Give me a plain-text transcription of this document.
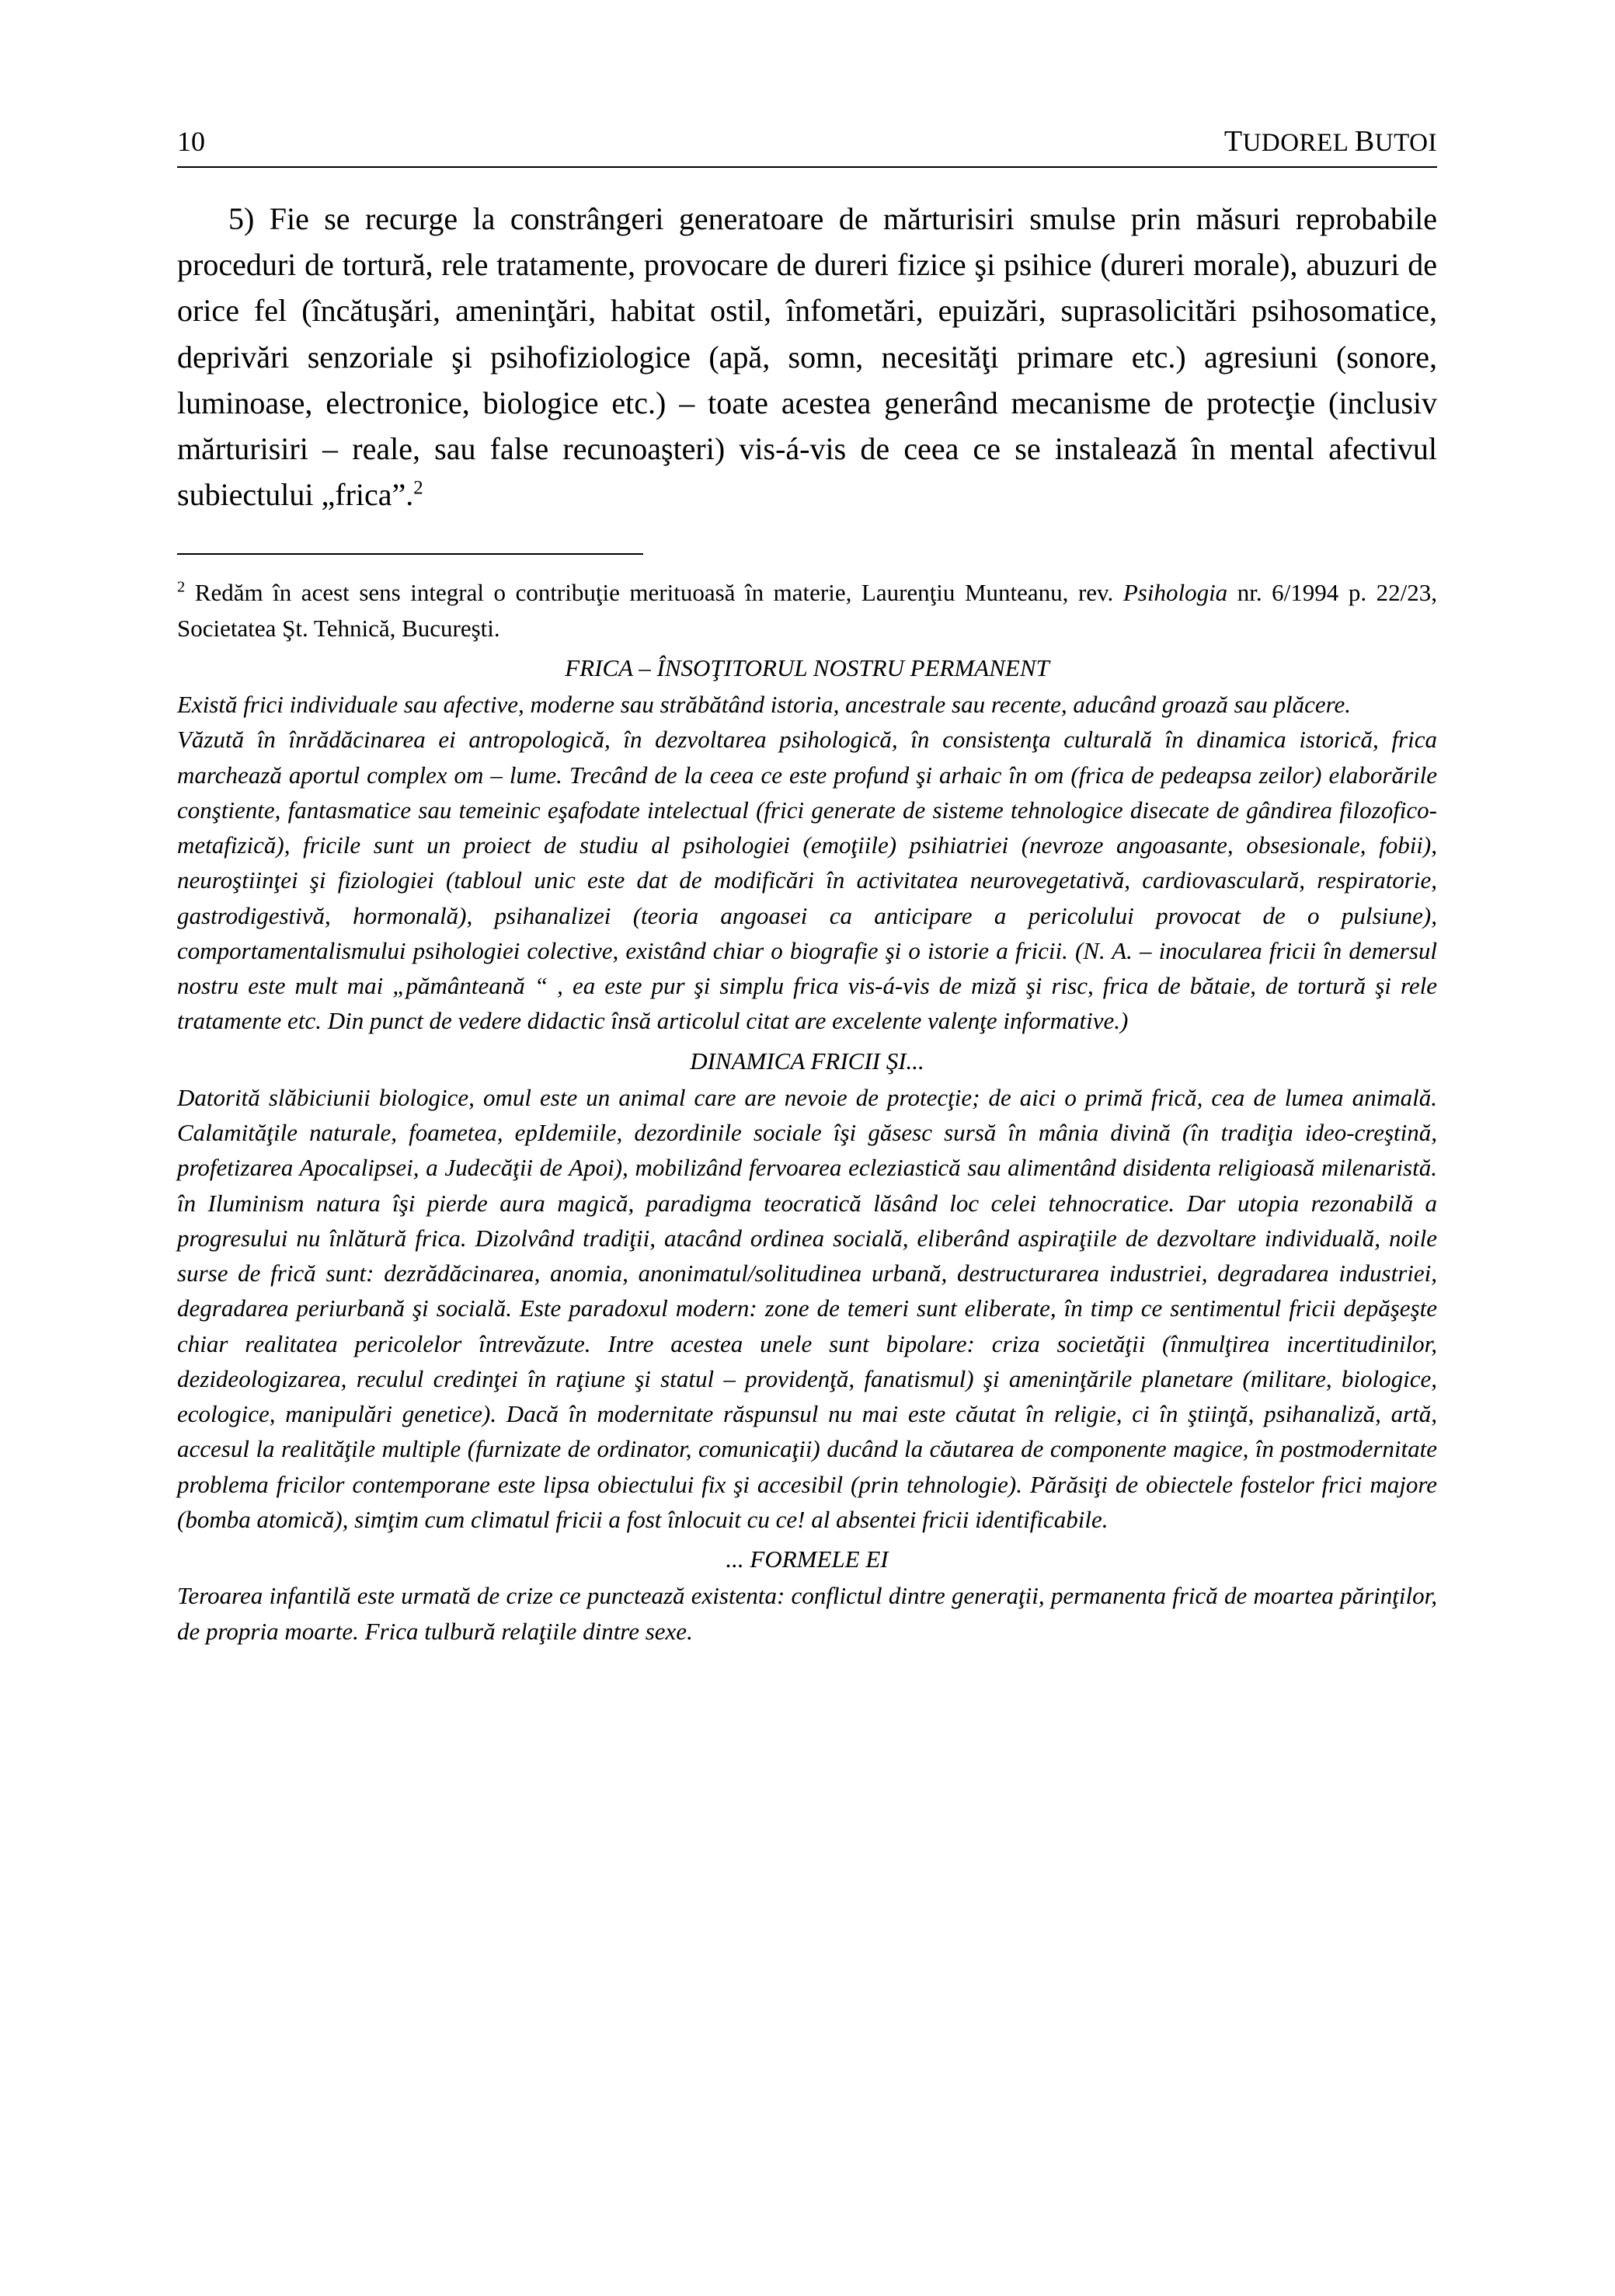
10	TUDOREL BUTOI

5) Fie se recurge la constrângeri generatoare de mărturisiri smulse prin măsuri reprobabile proceduri de tortură, rele tratamente, provocare de dureri fizice şi psihice (dureri morale), abuzuri de orice fel (încătuşări, ameninţări, habitat ostil, înfometări, epuizări, suprasolicitări psihosomatice, deprivări senzoriale şi psihofiziologice (apă, somn, necesităţi primare etc.) agresiuni (sonore, luminoase, electronice, biologice etc.) – toate acestea generând mecanisme de protecţie (inclusiv mărturisiri – reale, sau false recunoaşteri) vis-á-vis de ceea ce se instalează în mental afectivul subiectului „frica”.$^2$

$^2$ Redăm în acest sens integral o contribuţie merituoasă în materie, Laurenţiu Munteanu, rev. Psihologia nr. 6/1994 p. 22/23, Societatea Şt. Tehnică, Bucureşti.

FRICA – ÎNSOŢITORUL NOSTRU PERMANENT

Există frici individuale sau afective, moderne sau străbătând istoria, ancestrale sau recente, aducând groază sau plăcere.

Văzută în înrădăcinarea ei antropologică, în dezvoltarea psihologică, în consistenţa culturală în dinamica istorică, frica marchează aportul complex om – lume. Trecând de la ceea ce este profund şi arhaic în om (frica de pedeapsa zeilor) elaborările conştiente, fantasmatice sau temeinic eşafodate intelectual (frici generate de sisteme tehnologice disecate de gândirea filozofico-metafizică), fricile sunt un proiect de studiu al psihologiei (emoţiile) psihiatriei (nevroze angoasante, obsesionale, fobii), neuroştiinţei şi fiziologiei (tabloul unic este dat de modificări în activitatea neurovegetativă, cardiovasculară, respiratorie, gastrodigestivă, hormonală), psihanalizei (teoria angoasei ca anticipare a pericolului provocat de o pulsiune), comportamentalismului psihologiei colective, existând chiar o biografie şi o istorie a fricii. (N. A. – inocularea fricii în demersul nostru este mult mai „pământeană “ , ea este pur şi simplu frica vis-á-vis de miză şi risc, frica de bătaie, de tortură şi rele tratamente etc. Din punct de vedere didactic însă articolul citat are excelente valenţe informative.)

DINAMICA FRICII ŞI...

Datorită slăbiciunii biologice, omul este un animal care are nevoie de protecţie; de aici o primă frică, cea de lumea animală. Calamităţile naturale, foametea, epIdemiile, dezordinile sociale îşi găsesc sursă în mânia divină (în tradiţia ideo-creştină, profetizarea Apocalipsei, a Judecăţii de Apoi), mobilizând fervoarea ecleziastică sau alimentând disidenta religioasă milenaristă. în Iluminism natura îşi pierde aura magică, paradigma teocratică lăsând loc celei tehnocratice. Dar utopia rezonabilă a progresului nu înlătură frica. Dizolvând tradiţii, atacând ordinea socială, eliberând aspiraţiile de dezvoltare individuală, noile surse de frică sunt: dezrădăcinarea, anomia, anonimatul/solitudinea urbană, destructurarea industriei, degradarea industriei, degradarea periurbană şi socială. Este paradoxul modern: zone de temeri sunt eliberate, în timp ce sentimentul fricii depăşeşte chiar realitatea pericolelor întrevăzute. Intre acestea unele sunt bipolare: criza societăţii (înmulţirea incertitudinilor, dezideologizarea, reculul credinţei în raţiune şi statul – providenţă, fanatismul) şi ameninţările planetare (militare, biologice, ecologice, manipulări genetice). Dacă în modernitate răspunsul nu mai este căutat în religie, ci în ştiinţă, psihanaliză, artă, accesul la realităţile multiple (furnizate de ordinator, comunicaţii) ducând la căutarea de componente magice, în postmodernitate problema fricilor contemporane este lipsa obiectului fix şi accesibil (prin tehnologie). Părăsiţi de obiectele fostelor frici majore (bomba atomică), simţim cum climatul fricii a fost înlocuit cu ce! al absentei fricii identificabile.

... FORMELE EI

Teroarea infantilă este urmată de crize ce punctează existenta: conflictul dintre generaţii, permanenta frică de moartea părinţilor, de propria moarte. Frica tulbură relaţiile dintre sexe.
